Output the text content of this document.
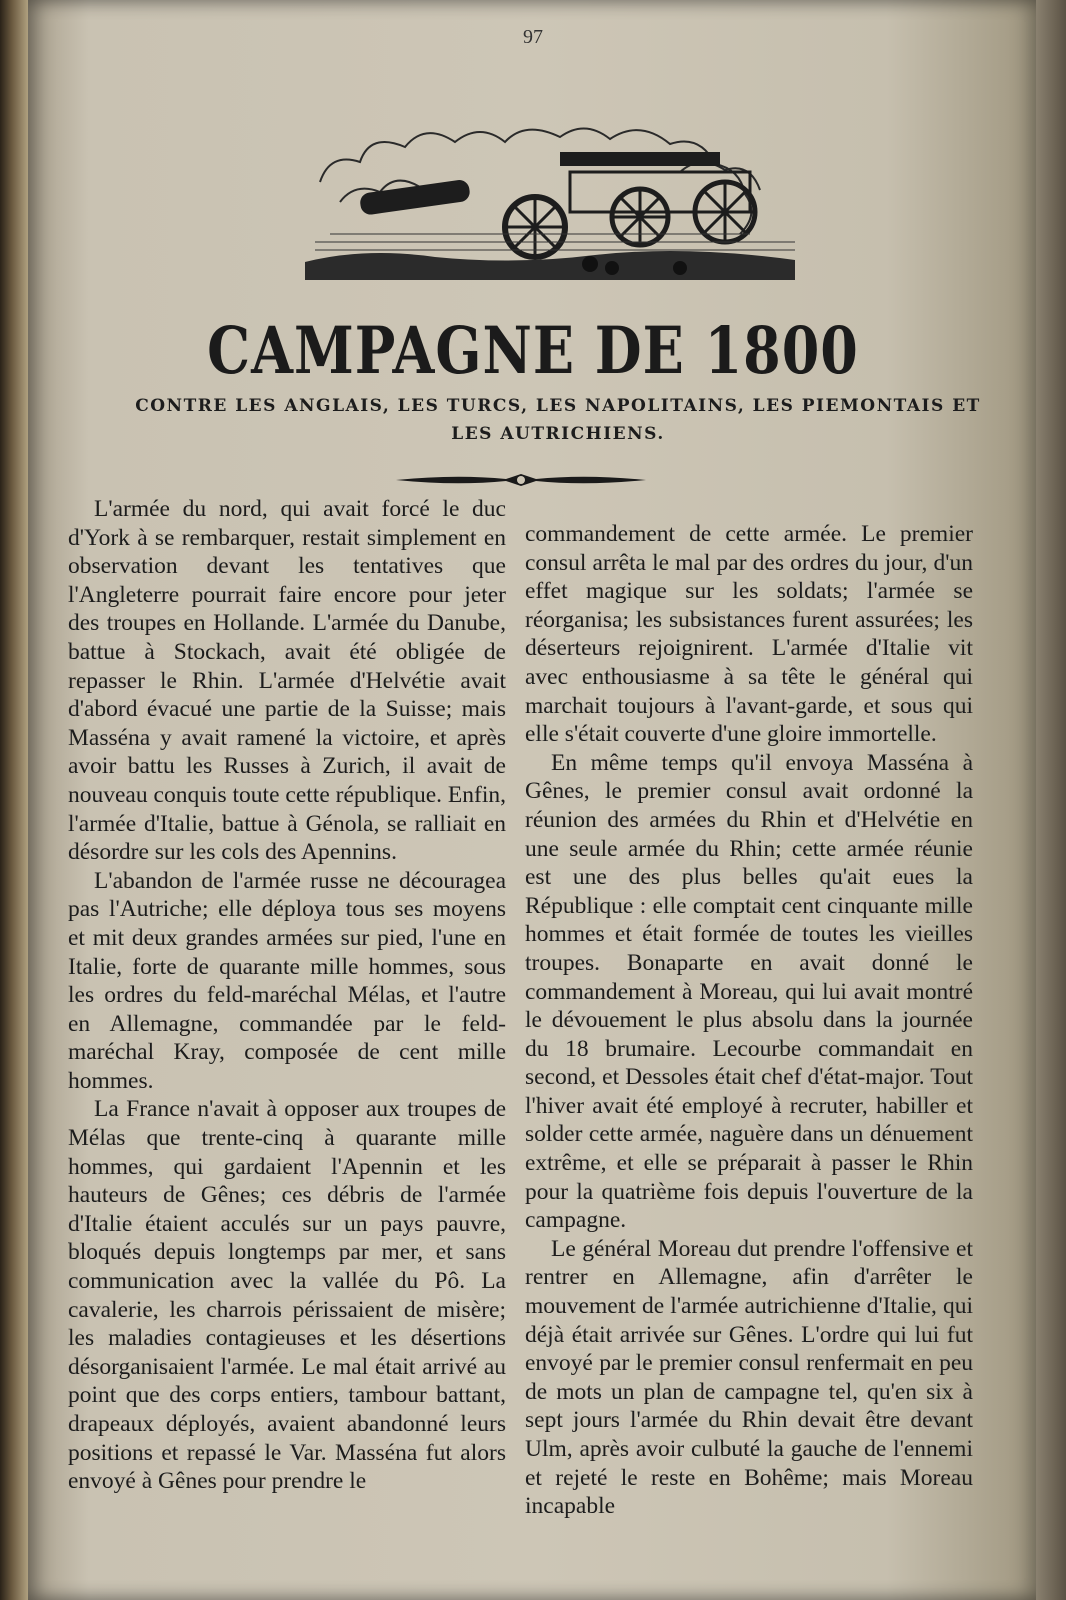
97
CAMPAGNE DE 1800
CONTRE LES ANGLAIS, LES TURCS, LES NAPOLITAINS, LES PIEMONTAIS ET LES AUTRICHIENS.

L'armée du nord, qui avait forcé le duc d'York à se rembarquer, restait simplement en observation devant les tentatives que l'Angleterre pourrait faire encore pour jeter des troupes en Hollande. L'armée du Danube, battue à Stockach, avait été obligée de repasser le Rhin. L'armée d'Helvétie avait d'abord évacué une partie de la Suisse; mais Masséna y avait ramené la victoire, et après avoir battu les Russes à Zurich, il avait de nouveau conquis toute cette république. Enfin, l'armée d'Italie, battue à Génola, se ralliait en désordre sur les cols des Apennins.

L'abandon de l'armée russe ne découragea pas l'Autriche; elle déploya tous ses moyens et mit deux grandes armées sur pied, l'une en Italie, forte de quarante mille hommes, sous les ordres du feld-maréchal Mélas, et l'autre en Allemagne, commandée par le feld-maréchal Kray, composée de cent mille hommes.

La France n'avait à opposer aux troupes de Mélas que trente-cinq à quarante mille hommes, qui gardaient l'Apennin et les hauteurs de Gênes; ces débris de l'armée d'Italie étaient acculés sur un pays pauvre, bloqués depuis longtemps par mer, et sans communication avec la vallée du Pô. La cavalerie, les charrois périssaient de misère; les maladies contagieuses et les désertions désorganisaient l'armée. Le mal était arrivé au point que des corps entiers, tambour battant, drapeaux déployés, avaient abandonné leurs positions et repassé le Var. Masséna fut alors envoyé à Gênes pour prendre le

commandement de cette armée. Le premier consul arrêta le mal par des ordres du jour, d'un effet magique sur les soldats; l'armée se réorganisa; les subsistances furent assurées; les déserteurs rejoignirent. L'armée d'Italie vit avec enthousiasme à sa tête le général qui marchait toujours à l'avant-garde, et sous qui elle s'était couverte d'une gloire immortelle.

En même temps qu'il envoya Masséna à Gênes, le premier consul avait ordonné la réunion des armées du Rhin et d'Helvétie en une seule armée du Rhin; cette armée réunie est une des plus belles qu'ait eues la République : elle comptait cent cinquante mille hommes et était formée de toutes les vieilles troupes. Bonaparte en avait donné le commandement à Moreau, qui lui avait montré le dévouement le plus absolu dans la journée du 18 brumaire. Lecourbe commandait en second, et Dessoles était chef d'état-major. Tout l'hiver avait été employé à recruter, habiller et solder cette armée, naguère dans un dénuement extrême, et elle se préparait à passer le Rhin pour la quatrième fois depuis l'ouverture de la campagne.

Le général Moreau dut prendre l'offensive et rentrer en Allemagne, afin d'arrêter le mouvement de l'armée autrichienne d'Italie, qui déjà était arrivée sur Gênes. L'ordre qui lui fut envoyé par le premier consul renfermait en peu de mots un plan de campagne tel, qu'en six à sept jours l'armée du Rhin devait être devant Ulm, après avoir culbuté la gauche de l'ennemi et rejeté le reste en Bohême; mais Moreau incapable
